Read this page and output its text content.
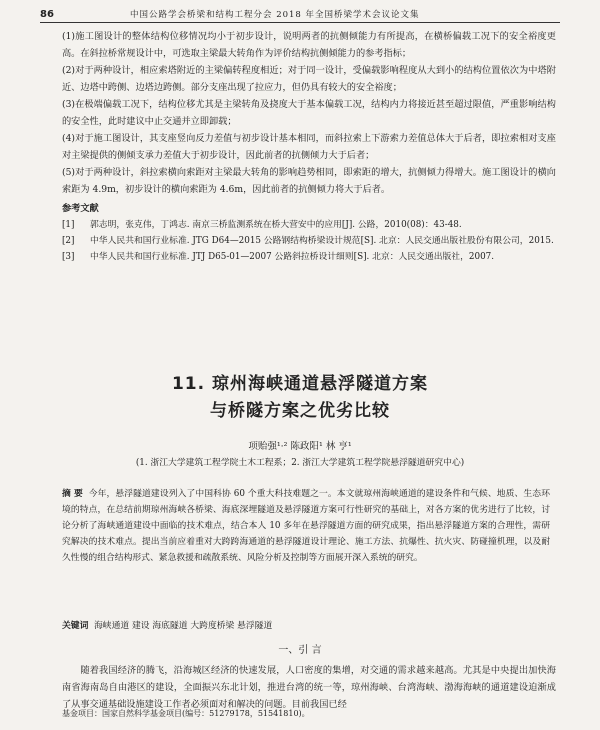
86	中国公路学会桥梁和结构工程分会 2018 年全国桥梁学术会议论文集

(1)施工图设计的整体结构位移情况均小于初步设计，说明两者的抗侧倾能力有所提高，在横桥偏载工况下的安全裕度更高。在斜拉桥常规设计中，可选取主梁最大转角作为评价结构抗侧倾能力的参考指标；

(2)对于两种设计，相应索塔附近的主梁偏转程度相近；对于同一设计，受偏载影响程度从大到小的结构位置依次为中塔附近、边塔中跨侧、边塔边跨侧。部分支座出现了拉应力，但仍具有较大的安全裕度；

(3)在极端偏载工况下，结构位移尤其是主梁转角及挠度大于基本偏载工况，结构内力将接近甚至超过限值，严重影响结构的安全性，此时建议中止交通并立即卸载；

(4)对于施工图设计，其支座竖向反力差值与初步设计基本相同，而斜拉索上下游索力差值总体大于后者，即拉索相对支座对主梁提供的侧倾支承力差值大于初步设计，因此前者的抗侧倾力大于后者；

(5)对于两种设计，斜拉索横向索距对主梁最大转角的影响趋势相同，即索距的增大，抗侧倾力得增大。施工图设计的横向索距为 4.9m，初步设计的横向索距为 4.6m，因此前者的抗侧倾力将大于后者。

参考文献

[1] 郭志明，张克伟，丁鸿志. 南京三桥监测系统在桥大营安中的应用[J]. 公路，2010(08)：43-48.

[2] 中华人民共和国行业标准. JTG D64—2015 公路钢结构桥梁设计规范[S]. 北京：人民交通出版社股份有限公司，2015.

[3] 中华人民共和国行业标准. JTJ D65-01—2007 公路斜拉桥设计细则[S]. 北京：人民交通出版社，2007.

11. 琼州海峡通道悬浮隧道方案
与桥隧方案之优劣比较
项贻强¹·² 陈政阳¹ 林 亨¹
(1. 浙江大学建筑工程学院土木工程系；2. 浙江大学建筑工程学院悬浮隧道研究中心)
摘 要 今年，悬浮隧道建设列入了中国科协 60 个重大科技难题之一。本文就琼州海峡通道的建设条件和气候、地质、生态环境的特点，在总结前期琼州海峡各桥梁、海底深埋隧道及悬浮隧道方案可行性研究的基础上，对各方案的优劣进行了比较，讨论分析了海峡通道建设中面临的技术难点，结合本人 10 多年在悬浮隧道方面的研究成果，指出悬浮隧道方案的合理性，需研究解决的技术难点。提出当前应着重对大跨跨海通道的悬浮隧道设计理论、施工方法、抗爆性、抗火灾、防碰撞机理，以及耐久性慢的组合结构形式、紧急救援和疏散系统、风险分析及控制等方面展开深入系统的研究。
关键词 海峡通道 建设 海底隧道 大跨度桥梁 悬浮隧道
一、引 言
随着我国经济的腾飞，沿海城区经济的快速发展，人口密度的集增，对交通的需求越来越高。尤其是中央提出加快海南省海南岛自由港区的建设，全面振兴东北计划，推进台湾的统一等，琼州海峡、台湾海峡、渤海海峡的通道建设迫渐成了从事交通基础设施建设工作者必须面对和解决的问题。目前我国已经
基金项目：国家自然科学基金项目(编号：51279178，51541810)。
